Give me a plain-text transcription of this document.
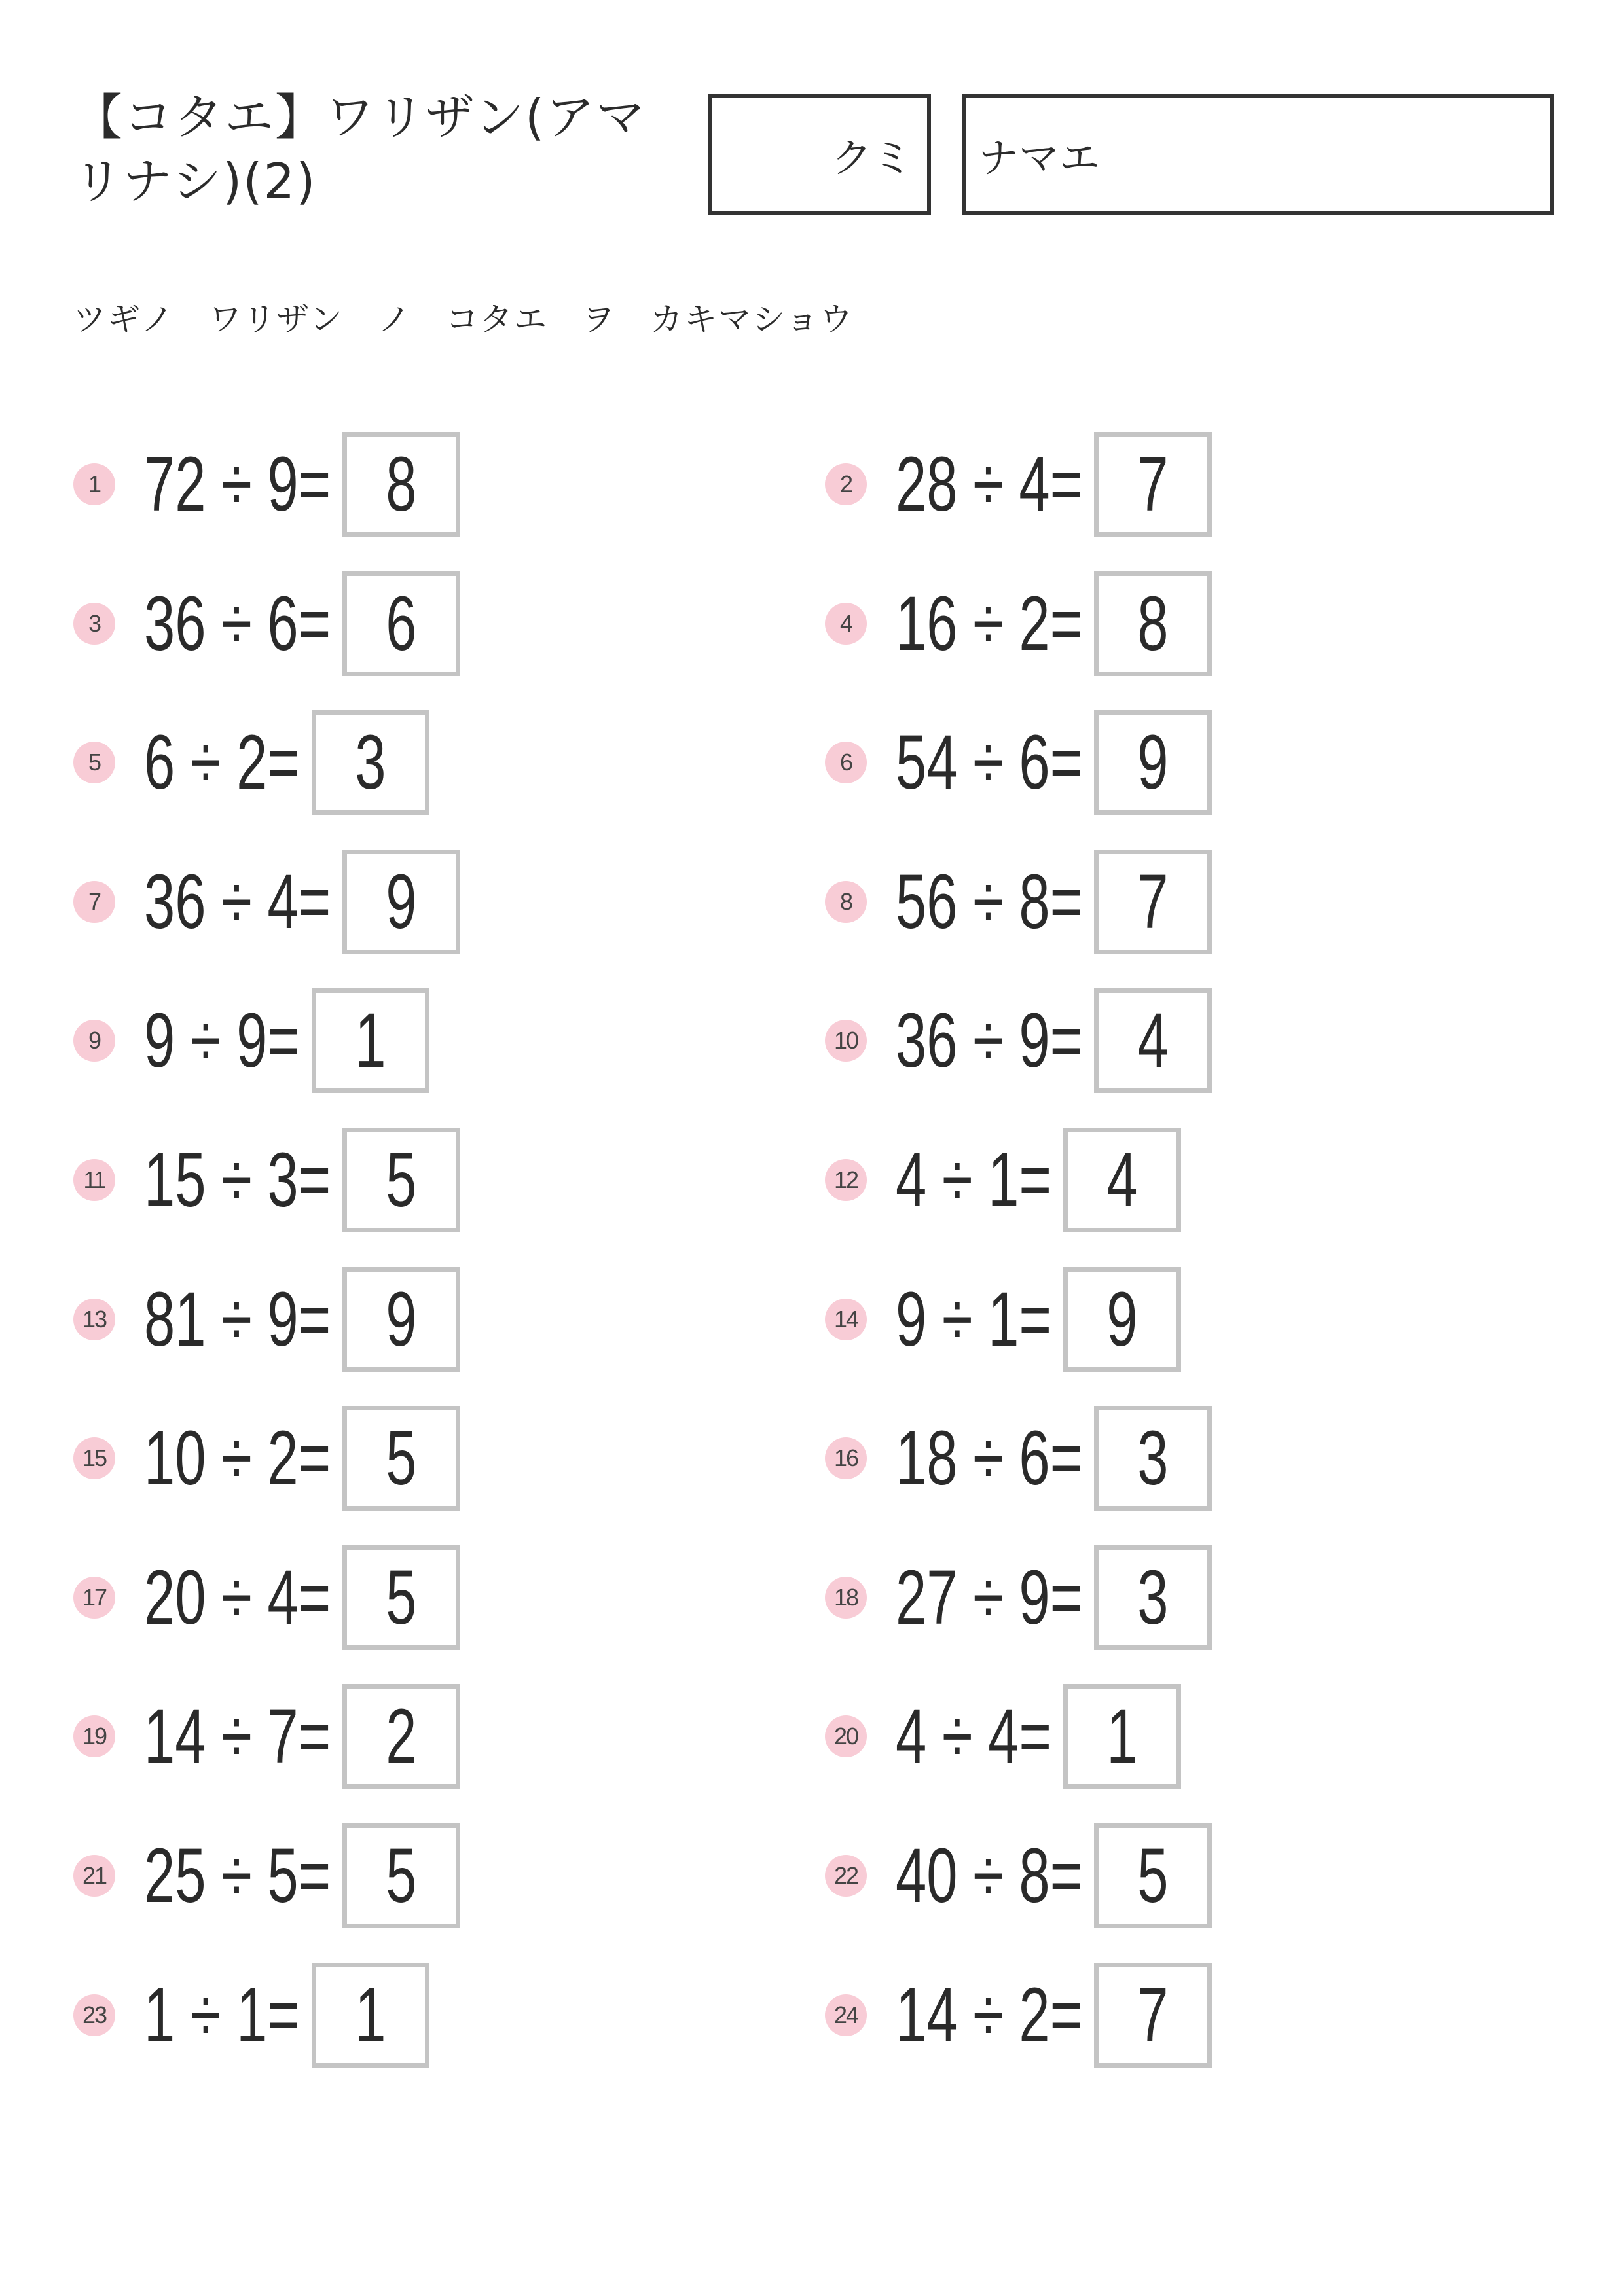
【コタエ】ワリザン(アマリナシ)(2)	クミ ナマエ
ツギノ　ワリザン　ノ　コタエ　ヲ　カキマショウ
1 72 ÷ 9 = 8	2 28 ÷ 4 = 7
3 36 ÷ 6 = 6	4 16 ÷ 2 = 8
5 6 ÷ 2 = 3	6 54 ÷ 6 = 9
7 36 ÷ 4 = 9	8 56 ÷ 8 = 7
9 9 ÷ 9 = 1	10 36 ÷ 9 = 4
11 15 ÷ 3 = 5	12 4 ÷ 1 = 4
13 81 ÷ 9 = 9	14 9 ÷ 1 = 9
15 10 ÷ 2 = 5	16 18 ÷ 6 = 3
17 20 ÷ 4 = 5	18 27 ÷ 9 = 3
19 14 ÷ 7 = 2	20 4 ÷ 4 = 1
21 25 ÷ 5 = 5	22 40 ÷ 8 = 5
23 1 ÷ 1 = 1	24 14 ÷ 2 = 7
